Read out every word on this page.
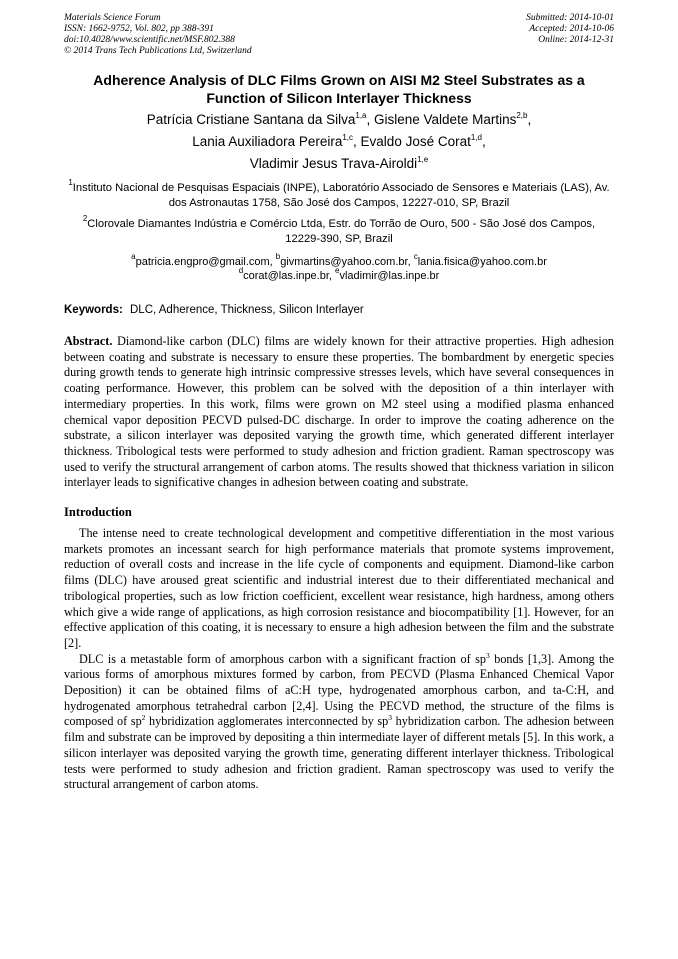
Materials Science Forum
ISSN: 1662-9752, Vol. 802, pp 388-391
doi:10.4028/www.scientific.net/MSF.802.388
© 2014 Trans Tech Publications Ltd, Switzerland
Submitted: 2014-10-01
Accepted: 2014-10-06
Online: 2014-12-31
Adherence Analysis of DLC Films Grown on AISI M2 Steel Substrates as a Function of Silicon Interlayer Thickness
Patrícia Cristiane Santana da Silva$^{1,a}$, Gislene Valdete Martins$^{2,b}$,
Lania Auxiliadora Pereira$^{1,c}$, Evaldo José Corat$^{1,d}$,
Vladimir Jesus Trava-Airoldi$^{1,e}$
$^1$Instituto Nacional de Pesquisas Espaciais (INPE), Laboratório Associado de Sensores e Materiais (LAS), Av. dos Astronautas 1758, São José dos Campos, 12227-010, SP, Brazil
$^2$Clorovale Diamantes Indústria e Comércio Ltda, Estr. do Torrão de Ouro, 500 - São José dos Campos, 12229-390, SP, Brazil
$^a$patricia.engpro@gmail.com, $^b$givmartins@yahoo.com.br, $^c$lania.fisica@yahoo.com.br
$^d$corat@las.inpe.br, $^e$vladimir@las.inpe.br
Keywords: DLC, Adherence, Thickness, Silicon Interlayer
Abstract. Diamond-like carbon (DLC) films are widely known for their attractive properties. High adhesion between coating and substrate is necessary to ensure these properties. The bombardment by energetic species during growth tends to generate high intrinsic compressive stresses levels, which have several consequences in coating performance. However, this problem can be solved with the deposition of a thin interlayer with intermediary properties. In this work, films were grown on M2 steel using a modified plasma enhanced chemical vapor deposition PECVD pulsed-DC discharge. In order to improve the coating adherence on the substrate, a silicon interlayer was deposited varying the growth time, which generated different interlayer thickness. Tribological tests were performed to study adhesion and friction gradient. Raman spectroscopy was used to verify the structural arrangement of carbon atoms. The results showed that thickness variation in silicon interlayer leads to significative changes in adhesion between coating and substrate.
Introduction
The intense need to create technological development and competitive differentiation in the most various markets promotes an incessant search for high performance materials that promote systems improvement, reduction of overall costs and increase in the life cycle of components and equipment. Diamond-like carbon films (DLC) have aroused great scientific and industrial interest due to their differentiated mechanical and tribological properties, such as low friction coefficient, excellent wear resistance, high hardness, among others which give a wide range of applications, as high corrosion resistance and biocompatibility [1]. However, for an effective application of this coating, it is necessary to ensure a high adhesion between the film and the substrate [2].
DLC is a metastable form of amorphous carbon with a significant fraction of $sp^3$ bonds [1,3]. Among the various forms of amorphous mixtures formed by carbon, from PECVD (Plasma Enhanced Chemical Vapor Deposition) it can be obtained films of aC:H type, hydrogenated amorphous carbon, and ta-C:H, and hydrogenated amorphous tetrahedral carbon [2,4]. Using the PECVD method, the structure of the films is composed of $sp^2$ hybridization agglomerates interconnected by $sp^3$ hybridization carbon. The adhesion between film and substrate can be improved by depositing a thin intermediate layer of different metals [5]. In this work, a silicon interlayer was deposited varying the growth time, generating different interlayer thickness. Tribological tests were performed to study adhesion and friction gradient. Raman spectroscopy was used to verify the structural arrangement of carbon atoms.
